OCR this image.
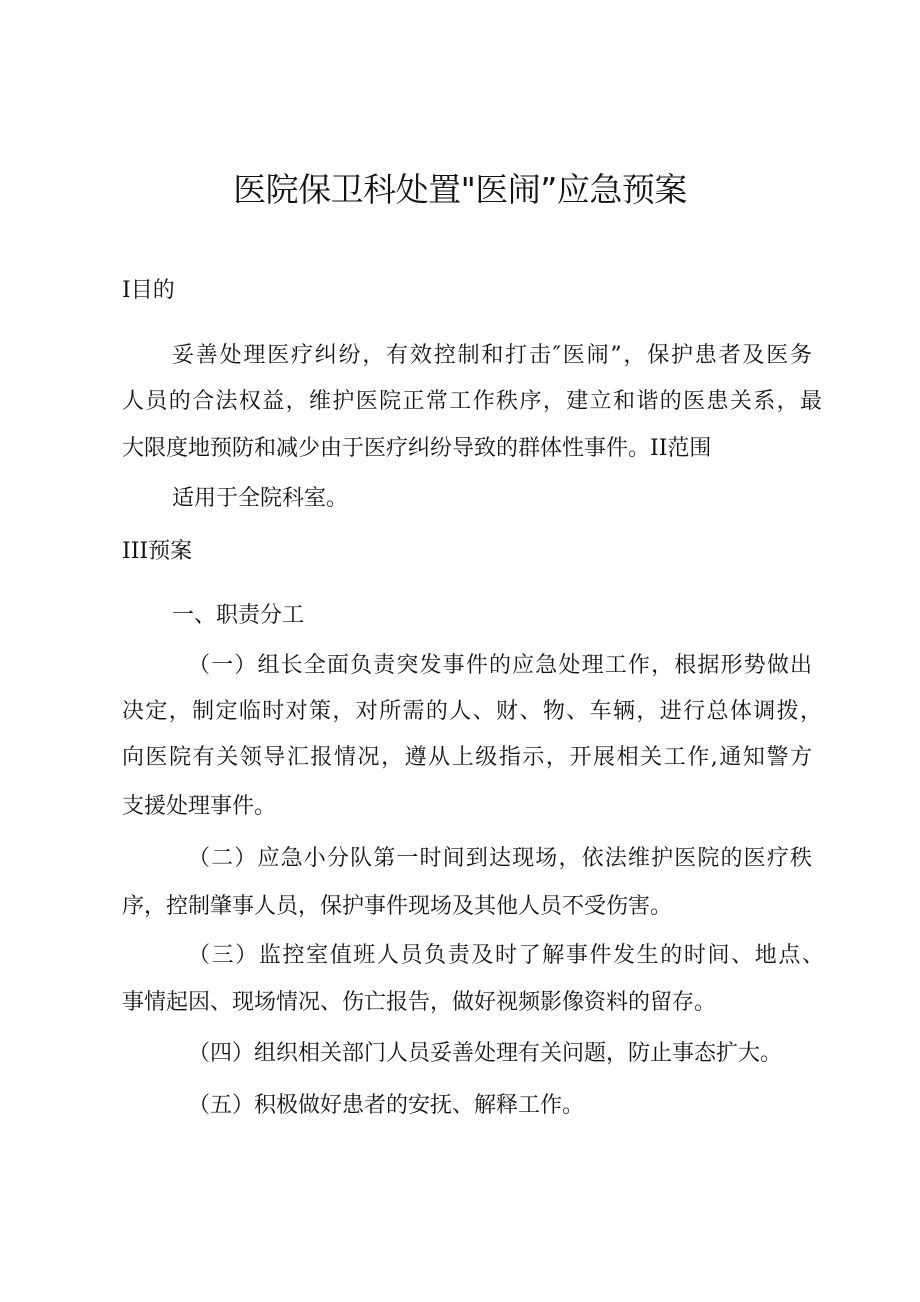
医院保卫科处置"医闹”应急预案
I目的
妥善处理医疗纠纷，有效控制和打击″医闹”，保护患者及医务
人员的合法权益，维护医院正常工作秩序，建立和谐的医患关系，最
大限度地预防和减少由于医疗纠纷导致的群体性事件。II范围
适用于全院科室。
III预案
一、职责分工
（一）组长全面负责突发事件的应急处理工作，根据形势做出
决定，制定临时对策，对所需的人、财、物、车辆，进行总体调拨，
向医院有关领导汇报情况，遵从上级指示，开展相关工作,通知警方
支援处理事件。
（二）应急小分队第一时间到达现场，依法维护医院的医疗秩
序，控制肇事人员，保护事件现场及其他人员不受伤害。
（三）监控室值班人员负责及时了解事件发生的时间、地点、
事情起因、现场情况、伤亡报告，做好视频影像资料的留存。
（四）组织相关部门人员妥善处理有关问题，防止事态扩大。
（五）积极做好患者的安抚、解释工作。
